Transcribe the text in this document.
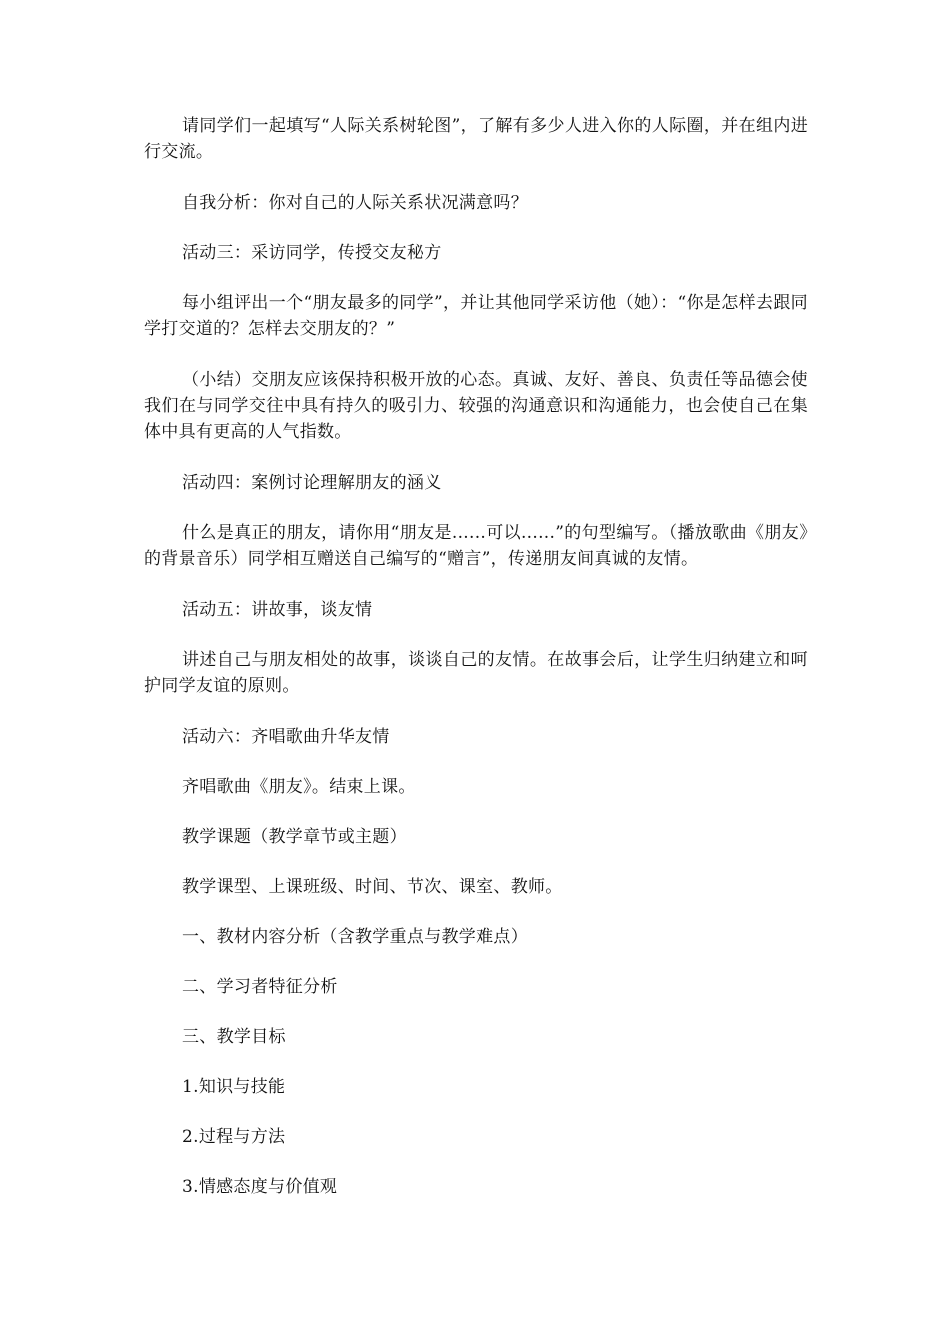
请同学们一起填写“人际关系树轮图”，了解有多少人进入你的人际圈，并在组内进行交流。

自我分析：你对自己的人际关系状况满意吗？

活动三：采访同学，传授交友秘方

每小组评出一个“朋友最多的同学”，并让其他同学采访他（她）：“你是怎样去跟同学打交道的？怎样去交朋友的？”

（小结）交朋友应该保持积极开放的心态。真诚、友好、善良、负责任等品德会使我们在与同学交往中具有持久的吸引力、较强的沟通意识和沟通能力，也会使自己在集体中具有更高的人气指数。

活动四：案例讨论理解朋友的涵义

什么是真正的朋友，请你用“朋友是......可以......”的句型编写。（播放歌曲《朋友》的背景音乐）同学相互赠送自己编写的“赠言”，传递朋友间真诚的友情。

活动五：讲故事，谈友情

讲述自己与朋友相处的故事，谈谈自己的友情。在故事会后，让学生归纳建立和呵护同学友谊的原则。

活动六：齐唱歌曲升华友情

齐唱歌曲《朋友》。结束上课。

教学课题（教学章节或主题）

教学课型、上课班级、时间、节次、课室、教师。

一、教材内容分析（含教学重点与教学难点）

二、学习者特征分析

三、教学目标

1.知识与技能

2.过程与方法

3.情感态度与价值观
